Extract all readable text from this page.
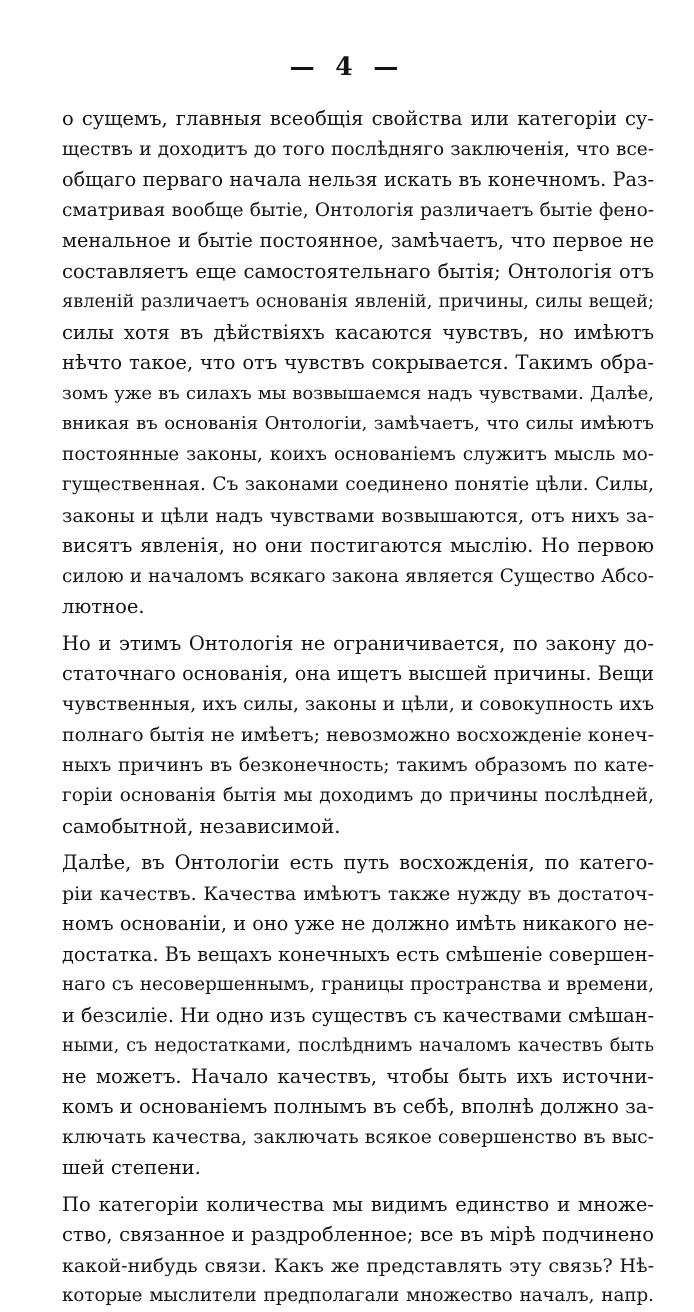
— 4 —
о сущемъ, главныя всеобщія свойства или категоріи су-
ществъ и доходитъ до того послѣдняго заключенія, что все-
общаго перваго начала нельзя искать въ конечномъ. Раз-
сматривая вообще бытіе, Онтологія различаетъ бытіе фено-
менальное и бытіе постоянное, замѣчаетъ, что первое не
составляетъ еще самостоятельнаго бытія; Онтологія отъ
явленій различаетъ основанія явленій, причины, силы вещей;
силы хотя въ дѣйствіяхъ касаются чувствъ, но имѣютъ
нѣчто такое, что отъ чувствъ сокрывается. Такимъ обра-
зомъ уже въ силахъ мы возвышаемся надъ чувствами. Далѣе,
вникая въ основанія Онтологіи, замѣчаетъ, что силы имѣютъ
постоянные законы, коихъ основаніемъ служитъ мысль мо-
гущественная. Съ законами соединено понятіе цѣли. Силы,
законы и цѣли надъ чувствами возвышаются, отъ нихъ за-
висятъ явленія, но они постигаются мыслію. Но первою
силою и началомъ всякаго закона является Существо Абсо-
лютное.
Но и этимъ Онтологія не ограничивается, по закону до-
статочнаго основанія, она ищетъ высшей причины. Вещи
чувственныя, ихъ силы, законы и цѣли, и совокупность ихъ
полнаго бытія не имѣетъ; невозможно восхожденіе конеч-
ныхъ причинъ въ безконечность; такимъ образомъ по кате-
горіи основанія бытія мы доходимъ до причины послѣдней,
самобытной, независимой.
Далѣе, въ Онтологіи есть путь восхожденія, по катего-
ріи качествъ. Качества имѣютъ также нужду въ достаточ-
номъ основаніи, и оно уже не должно имѣть никакого не-
достатка. Въ вещахъ конечныхъ есть смѣшеніе совершен-
наго съ несовершеннымъ, границы пространства и времени,
и безсиліе. Ни одно изъ существъ съ качествами смѣшан-
ными, съ недостатками, послѣднимъ началомъ качествъ быть
не можетъ. Начало качествъ, чтобы быть ихъ источни-
комъ и основаніемъ полнымъ въ себѣ, вполнѣ должно за-
ключать качества, заключать всякое совершенство въ выс-
шей степени.
По категоріи количества мы видимъ единство и множе-
ство, связанное и раздробленное; все въ мірѣ подчинено
какой-нибудь связи. Какъ же представлять эту связь? Нѣ-
которые мыслители предполагали множество началъ, напр.
